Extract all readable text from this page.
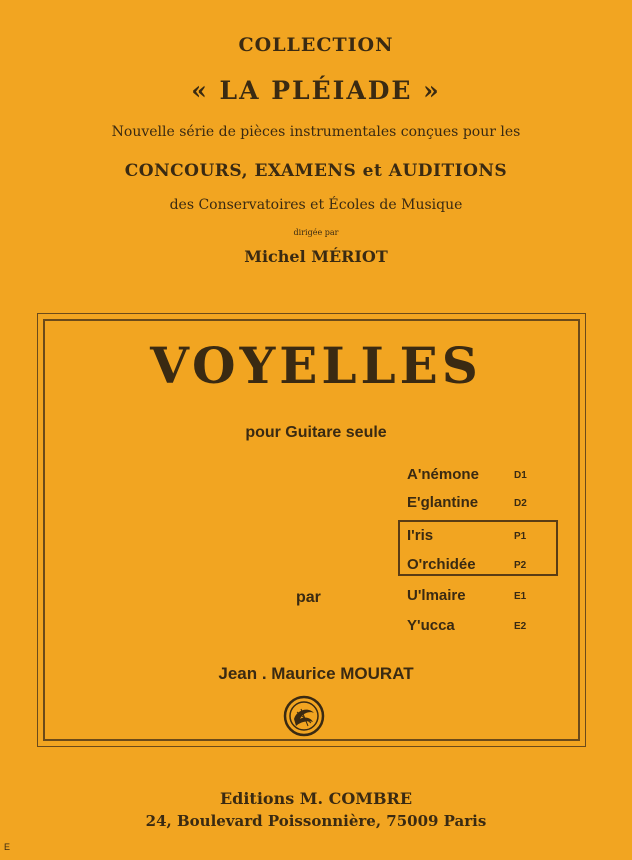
COLLECTION
« LA PLÉIADE »
Nouvelle série de pièces instrumentales conçues pour les
CONCOURS, EXAMENS et AUDITIONS
des Conservatoires et Écoles de Musique
dirigée par
Michel MÉRIOT
VOYELLES
pour Guitare seule
A'némone	D1
E'glantine	D2
I'ris	P1
O'rchidée	P2
U'lmaire	E1
Y'ucca	E2
par
Jean . Maurice MOURAT
Editions M. COMBRE
24, Boulevard Poissonnière, 75009 Paris
E
